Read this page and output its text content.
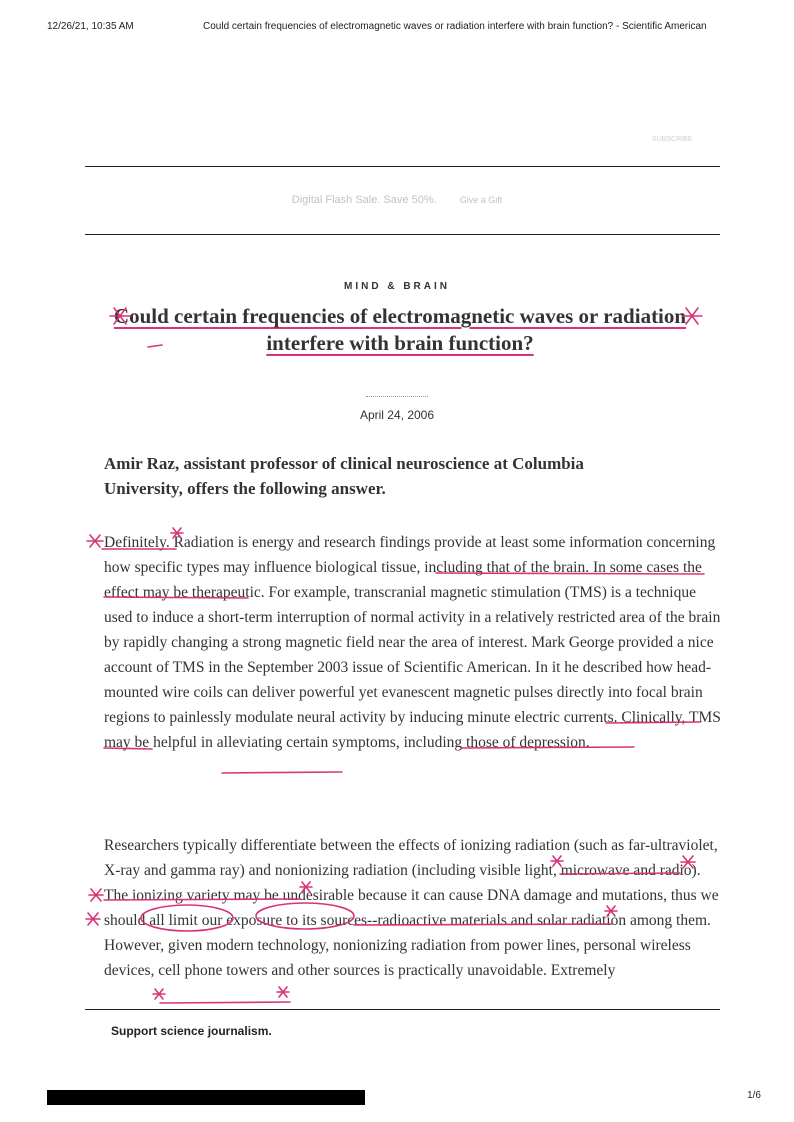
12/26/21, 10:35 AM	Could certain frequencies of electromagnetic waves or radiation interfere with brain function? - Scientific American
SUBSCRIBE
Digital Flash Sale. Save 50%.	Give a Gift
MIND & BRAIN
Could certain frequencies of electromagnetic waves or radiation interfere with brain function?
April 24, 2006
Amir Raz, assistant professor of clinical neuroscience at Columbia University, offers the following answer.

Definitely. Radiation is energy and research findings provide at least some information concerning how specific types may influence biological tissue, including that of the brain. In some cases the effect may be therapeutic. For example, transcranial magnetic stimulation (TMS) is a technique used to induce a short-term interruption of normal activity in a relatively restricted area of the brain by rapidly changing a strong magnetic field near the area of interest. Mark George provided a nice account of TMS in the September 2003 issue of Scientific American. In it he described how head-mounted wire coils can deliver powerful yet evanescent magnetic pulses directly into focal brain regions to painlessly modulate neural activity by inducing minute electric currents. Clinically, TMS may be helpful in alleviating certain symptoms, including those of depression.

Researchers typically differentiate between the effects of ionizing radiation (such as far-ultraviolet, X-ray and gamma ray) and nonionizing radiation (including visible light, microwave and radio). The ionizing variety may be undesirable because it can cause DNA damage and mutations, thus we should all limit our exposure to its sources--radioactive materials and solar radiation among them. However, given modern technology, nonionizing radiation from power lines, personal wireless devices, cell phone towers and other sources is practically unavoidable. Extremely

Support science journalism.
1/6
